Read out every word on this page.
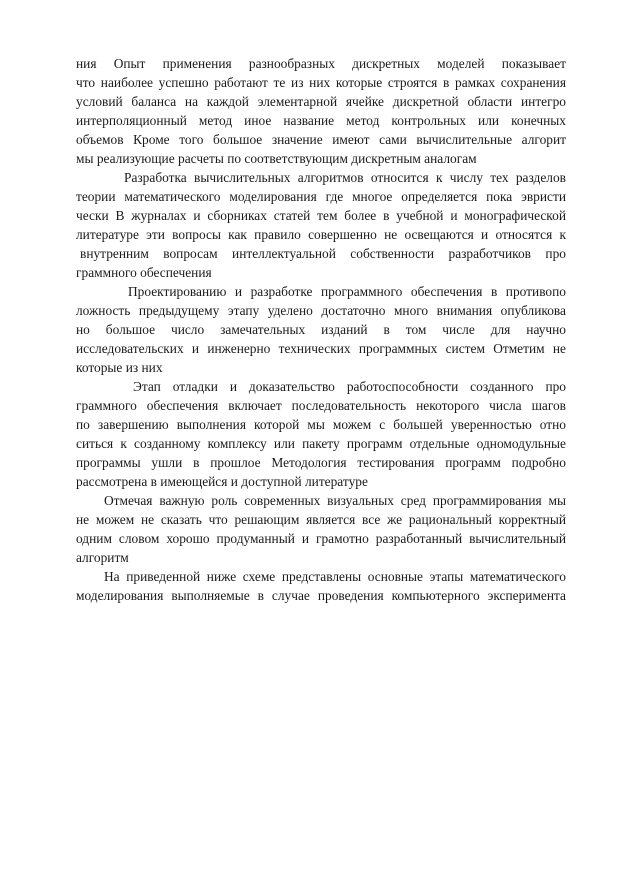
ния Опыт применения разнообразных дискретных моделей показывает
что наиболее успешно работают те из них которые строятся в рамках сохранения
условий баланса на каждой элементарной ячейке дискретной области интегро
интерполяционный метод иное название метод контрольных или конечных
объемов Кроме того большое значение имеют сами вычислительные алгорит
мы реализующие расчеты по соответствующим дискретным аналогам
Разработка вычислительных алгоритмов относится к числу тех разделов
теории математического моделирования где многое определяется пока эвристи
чески В журналах и сборниках статей тем более в учебной и монографической
литературе эти вопросы как правило совершенно не освещаются и относятся к
внутренним вопросам интеллектуальной собственности разработчиков про
граммного обеспечения
Проектированию и разработке программного обеспечения в противопо
ложность предыдущему этапу уделено достаточно много внимания опубликова
но большое число замечательных изданий в том числе для научно
исследовательских и инженерно технических программных систем Отметим не
которые из них
Этап отладки и доказательство работоспособности созданного про
граммного обеспечения включает последовательность некоторого числа шагов
по завершению выполнения которой мы можем с большей уверенностью отно
ситься к созданному комплексу или пакету программ отдельные одномодульные
программы ушли в прошлое Методология тестирования программ подробно
рассмотрена в имеющейся и доступной литературе
Отмечая важную роль современных визуальных сред программирования мы
не можем не сказать что решающим является все же рациональный корректный
одним словом хорошо продуманный и грамотно разработанный вычислительный
алгоритм
На приведенной ниже схеме представлены основные этапы математического
моделирования выполняемые в случае проведения компьютерного эксперимента
